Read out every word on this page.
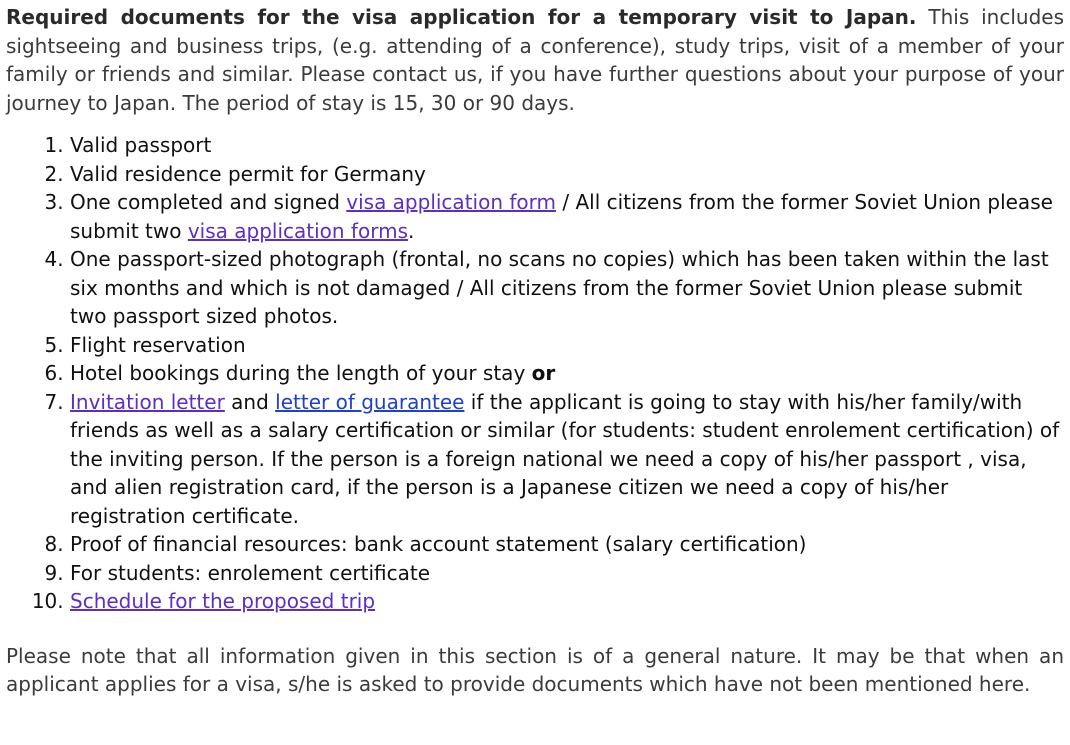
Required documents for the visa application for a temporary visit to Japan. This includes sightseeing and business trips, (e.g. attending of a conference), study trips, visit of a member of your family or friends and similar. Please contact us, if you have further questions about your purpose of your journey to Japan. The period of stay is 15, 30 or 90 days.

1. Valid passport
2. Valid residence permit for Germany
3. One completed and signed visa application form / All citizens from the former Soviet Union please submit two visa application forms.
4. One passport-sized photograph (frontal, no scans no copies) which has been taken within the last six months and which is not damaged / All citizens from the former Soviet Union please submit two passport sized photos.
5. Flight reservation
6. Hotel bookings during the length of your stay or
7. Invitation letter and letter of guarantee if the applicant is going to stay with his/her family/with friends as well as a salary certification or similar (for students: student enrolement certification) of the inviting person. If the person is a foreign national we need a copy of his/her passport , visa, and alien registration card, if the person is a Japanese citizen we need a copy of his/her registration certificate.
8. Proof of financial resources: bank account statement (salary certification)
9. For students: enrolement certificate
10. Schedule for the proposed trip

Please note that all information given in this section is of a general nature. It may be that when an applicant applies for a visa, s/he is asked to provide documents which have not been mentioned here.
